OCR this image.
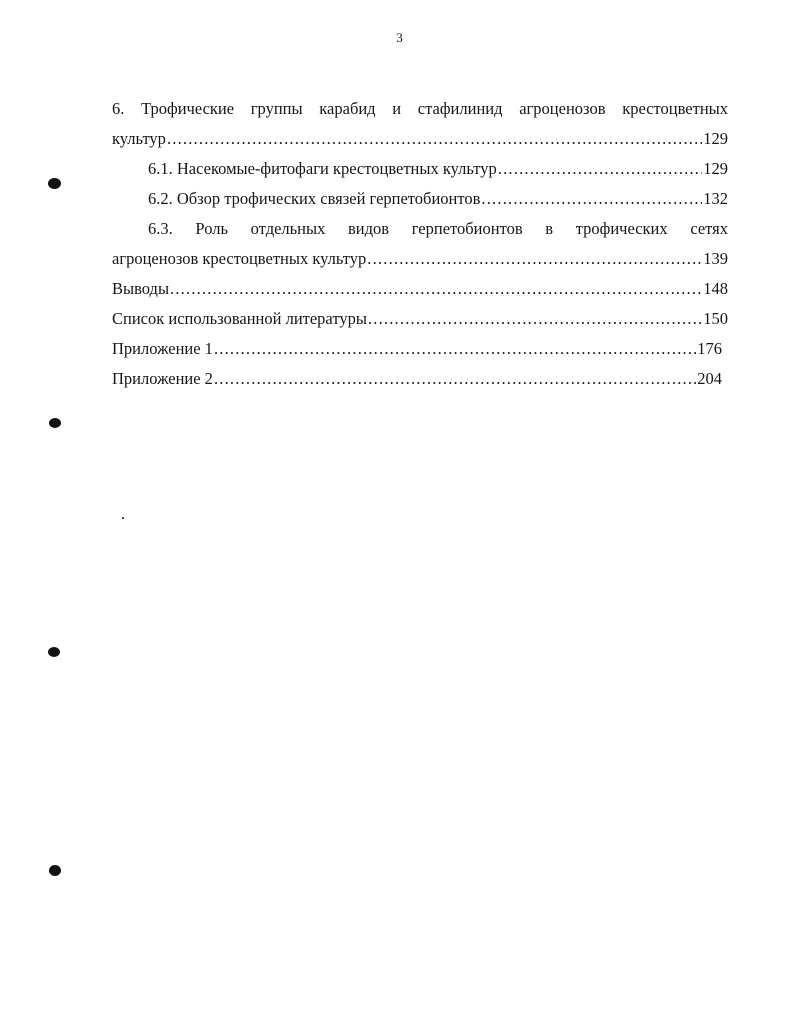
3
6. Трофические группы карабид и стафилинид агроценозов крестоцветных
культур .....	129
6.1. Насекомые-фитофаги крестоцветных культур .....	129
6.2. Обзор трофических связей герпетобионтов .....	132
6.3. Роль отдельных видов герпетобионтов в трофических сетях
агроценозов крестоцветных культур .....	139
Выводы .....	148
Список использованной литературы .....	150
Приложение 1 .....	176
Приложение 2 .....	204
